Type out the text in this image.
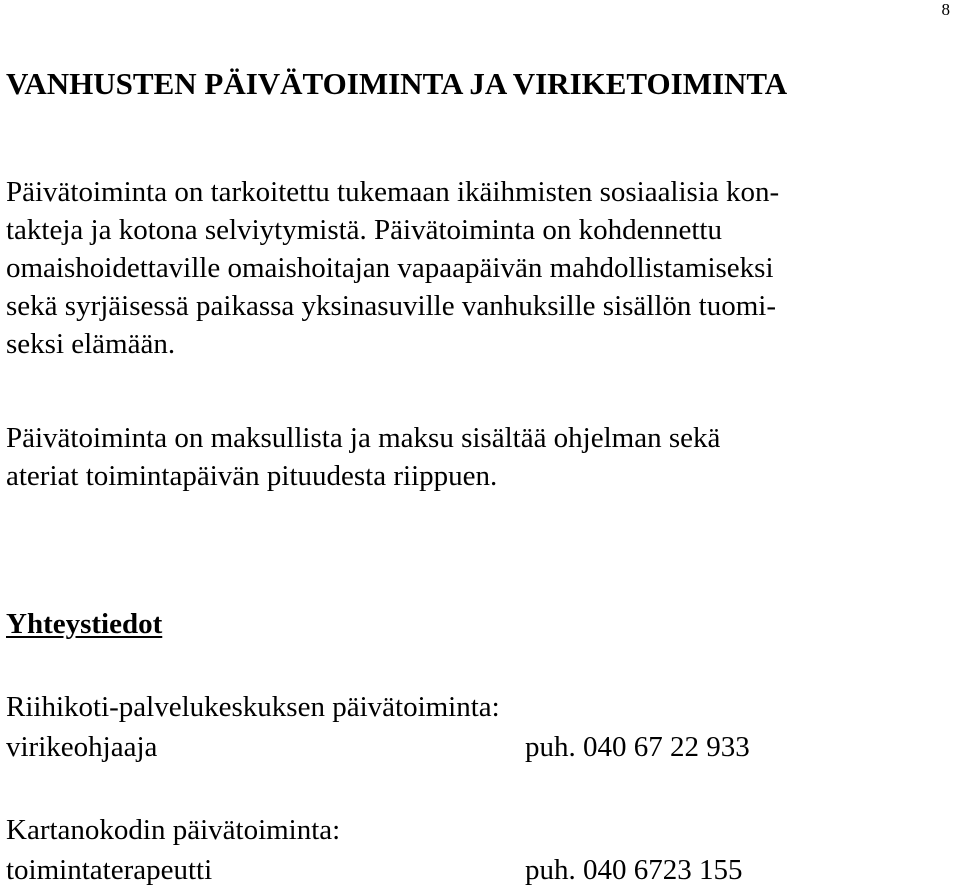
8
VANHUSTEN PÄIVÄTOIMINTA JA VIRIKETOIMINTA

Päivätoiminta on tarkoitettu tukemaan ikäihmisten sosiaalisia kon-
takteja ja kotona selviytymistä. Päivätoiminta on kohdennettu
omaishoidettaville omaishoitajan vapaapäivän mahdollistamiseksi
sekä syrjäisessä paikassa yksinasuville vanhuksille sisällön tuomi-
seksi elämään.

Päivätoiminta on maksullista ja maksu sisältää ohjelman sekä
ateriat toimintapäivän pituudesta riippuen.

Yhteystiedot
Riihikoti-palvelukeskuksen päivätoiminta:
virikeohjaaja	puh. 040 67 22 933
Kartanokodin päivätoiminta:
toimintaterapeutti	puh. 040 6723 155
